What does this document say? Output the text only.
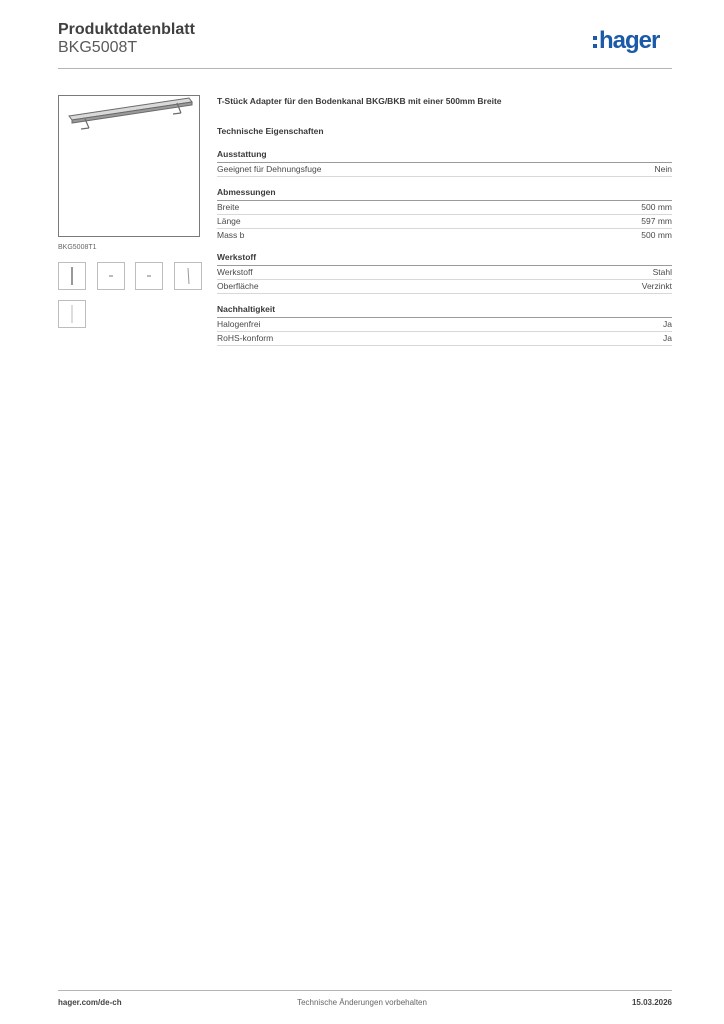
Produktdatenblatt
BKG5008T	hager
BKG5008T1
T-Stück Adapter für den Bodenkanal BKG/BKB mit einer 500mm Breite
Technische Eigenschaften
Ausstattung
Geeignet für Dehnungsfuge	Nein
Abmessungen
Breite	500 mm
Länge	597 mm
Mass b	500 mm
Werkstoff
Werkstoff	Stahl
Oberfläche	Verzinkt
Nachhaltigkeit
Halogenfrei	Ja
RoHS-konform	Ja
hager.com/de-ch	Technische Änderungen vorbehalten	15.03.2026
